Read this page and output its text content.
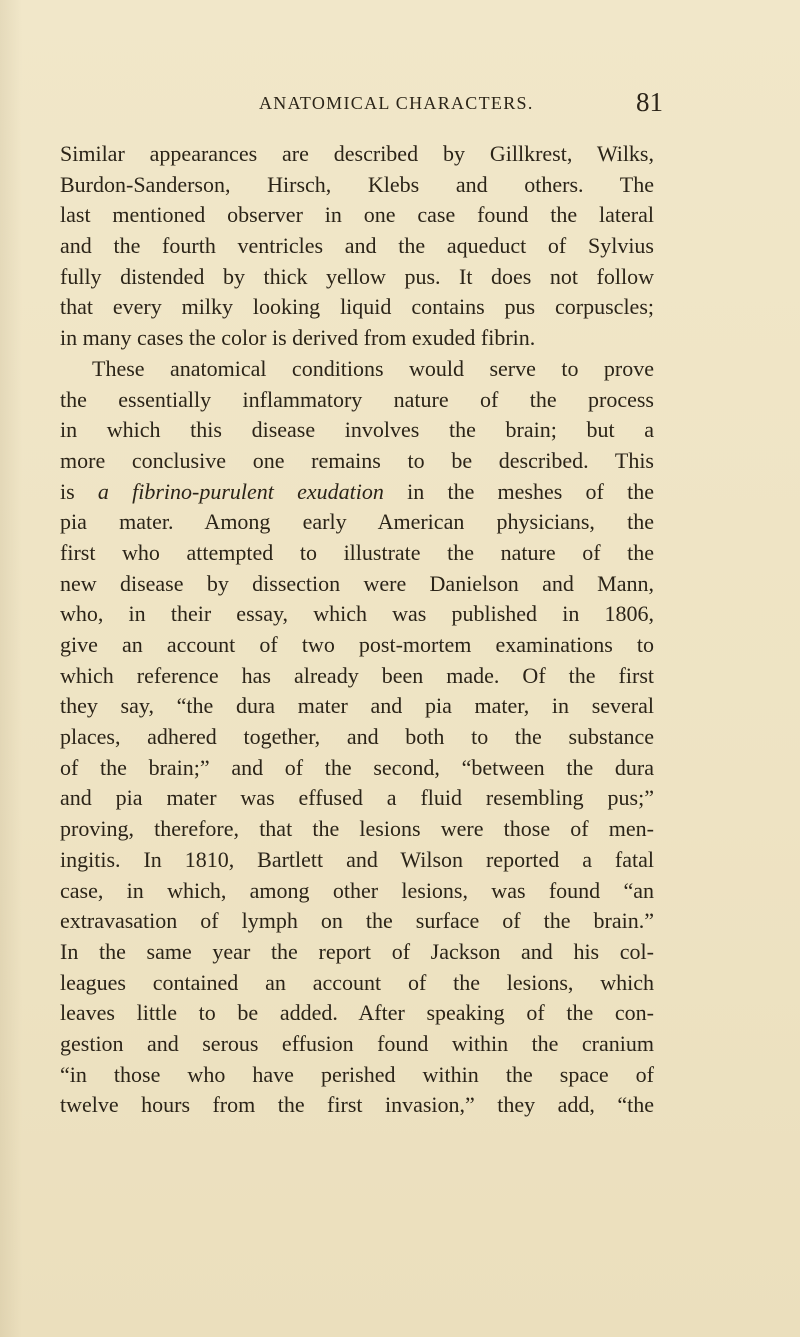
ANATOMICAL CHARACTERS.	81
Similar appearances are described by Gillkrest, Wilks,
Burdon-Sanderson, Hirsch, Klebs and others. The
last mentioned observer in one case found the lateral
and the fourth ventricles and the aqueduct of Sylvius
fully distended by thick yellow pus. It does not follow
that every milky looking liquid contains pus corpuscles;
in many cases the color is derived from exuded fibrin.
These anatomical conditions would serve to prove
the essentially inflammatory nature of the process
in which this disease involves the brain; but a
more conclusive one remains to be described. This
is a fibrino-purulent exudation in the meshes of the
pia mater. Among early American physicians, the
first who attempted to illustrate the nature of the
new disease by dissection were Danielson and Mann,
who, in their essay, which was published in 1806,
give an account of two post-mortem examinations to
which reference has already been made. Of the first
they say, “the dura mater and pia mater, in several
places, adhered together, and both to the substance
of the brain;” and of the second, “between the dura
and pia mater was effused a fluid resembling pus;”
proving, therefore, that the lesions were those of men-
ingitis. In 1810, Bartlett and Wilson reported a fatal
case, in which, among other lesions, was found “an
extravasation of lymph on the surface of the brain.”
In the same year the report of Jackson and his col-
leagues contained an account of the lesions, which
leaves little to be added. After speaking of the con-
gestion and serous effusion found within the cranium
“in those who have perished within the space of
twelve hours from the first invasion,” they add, “the
